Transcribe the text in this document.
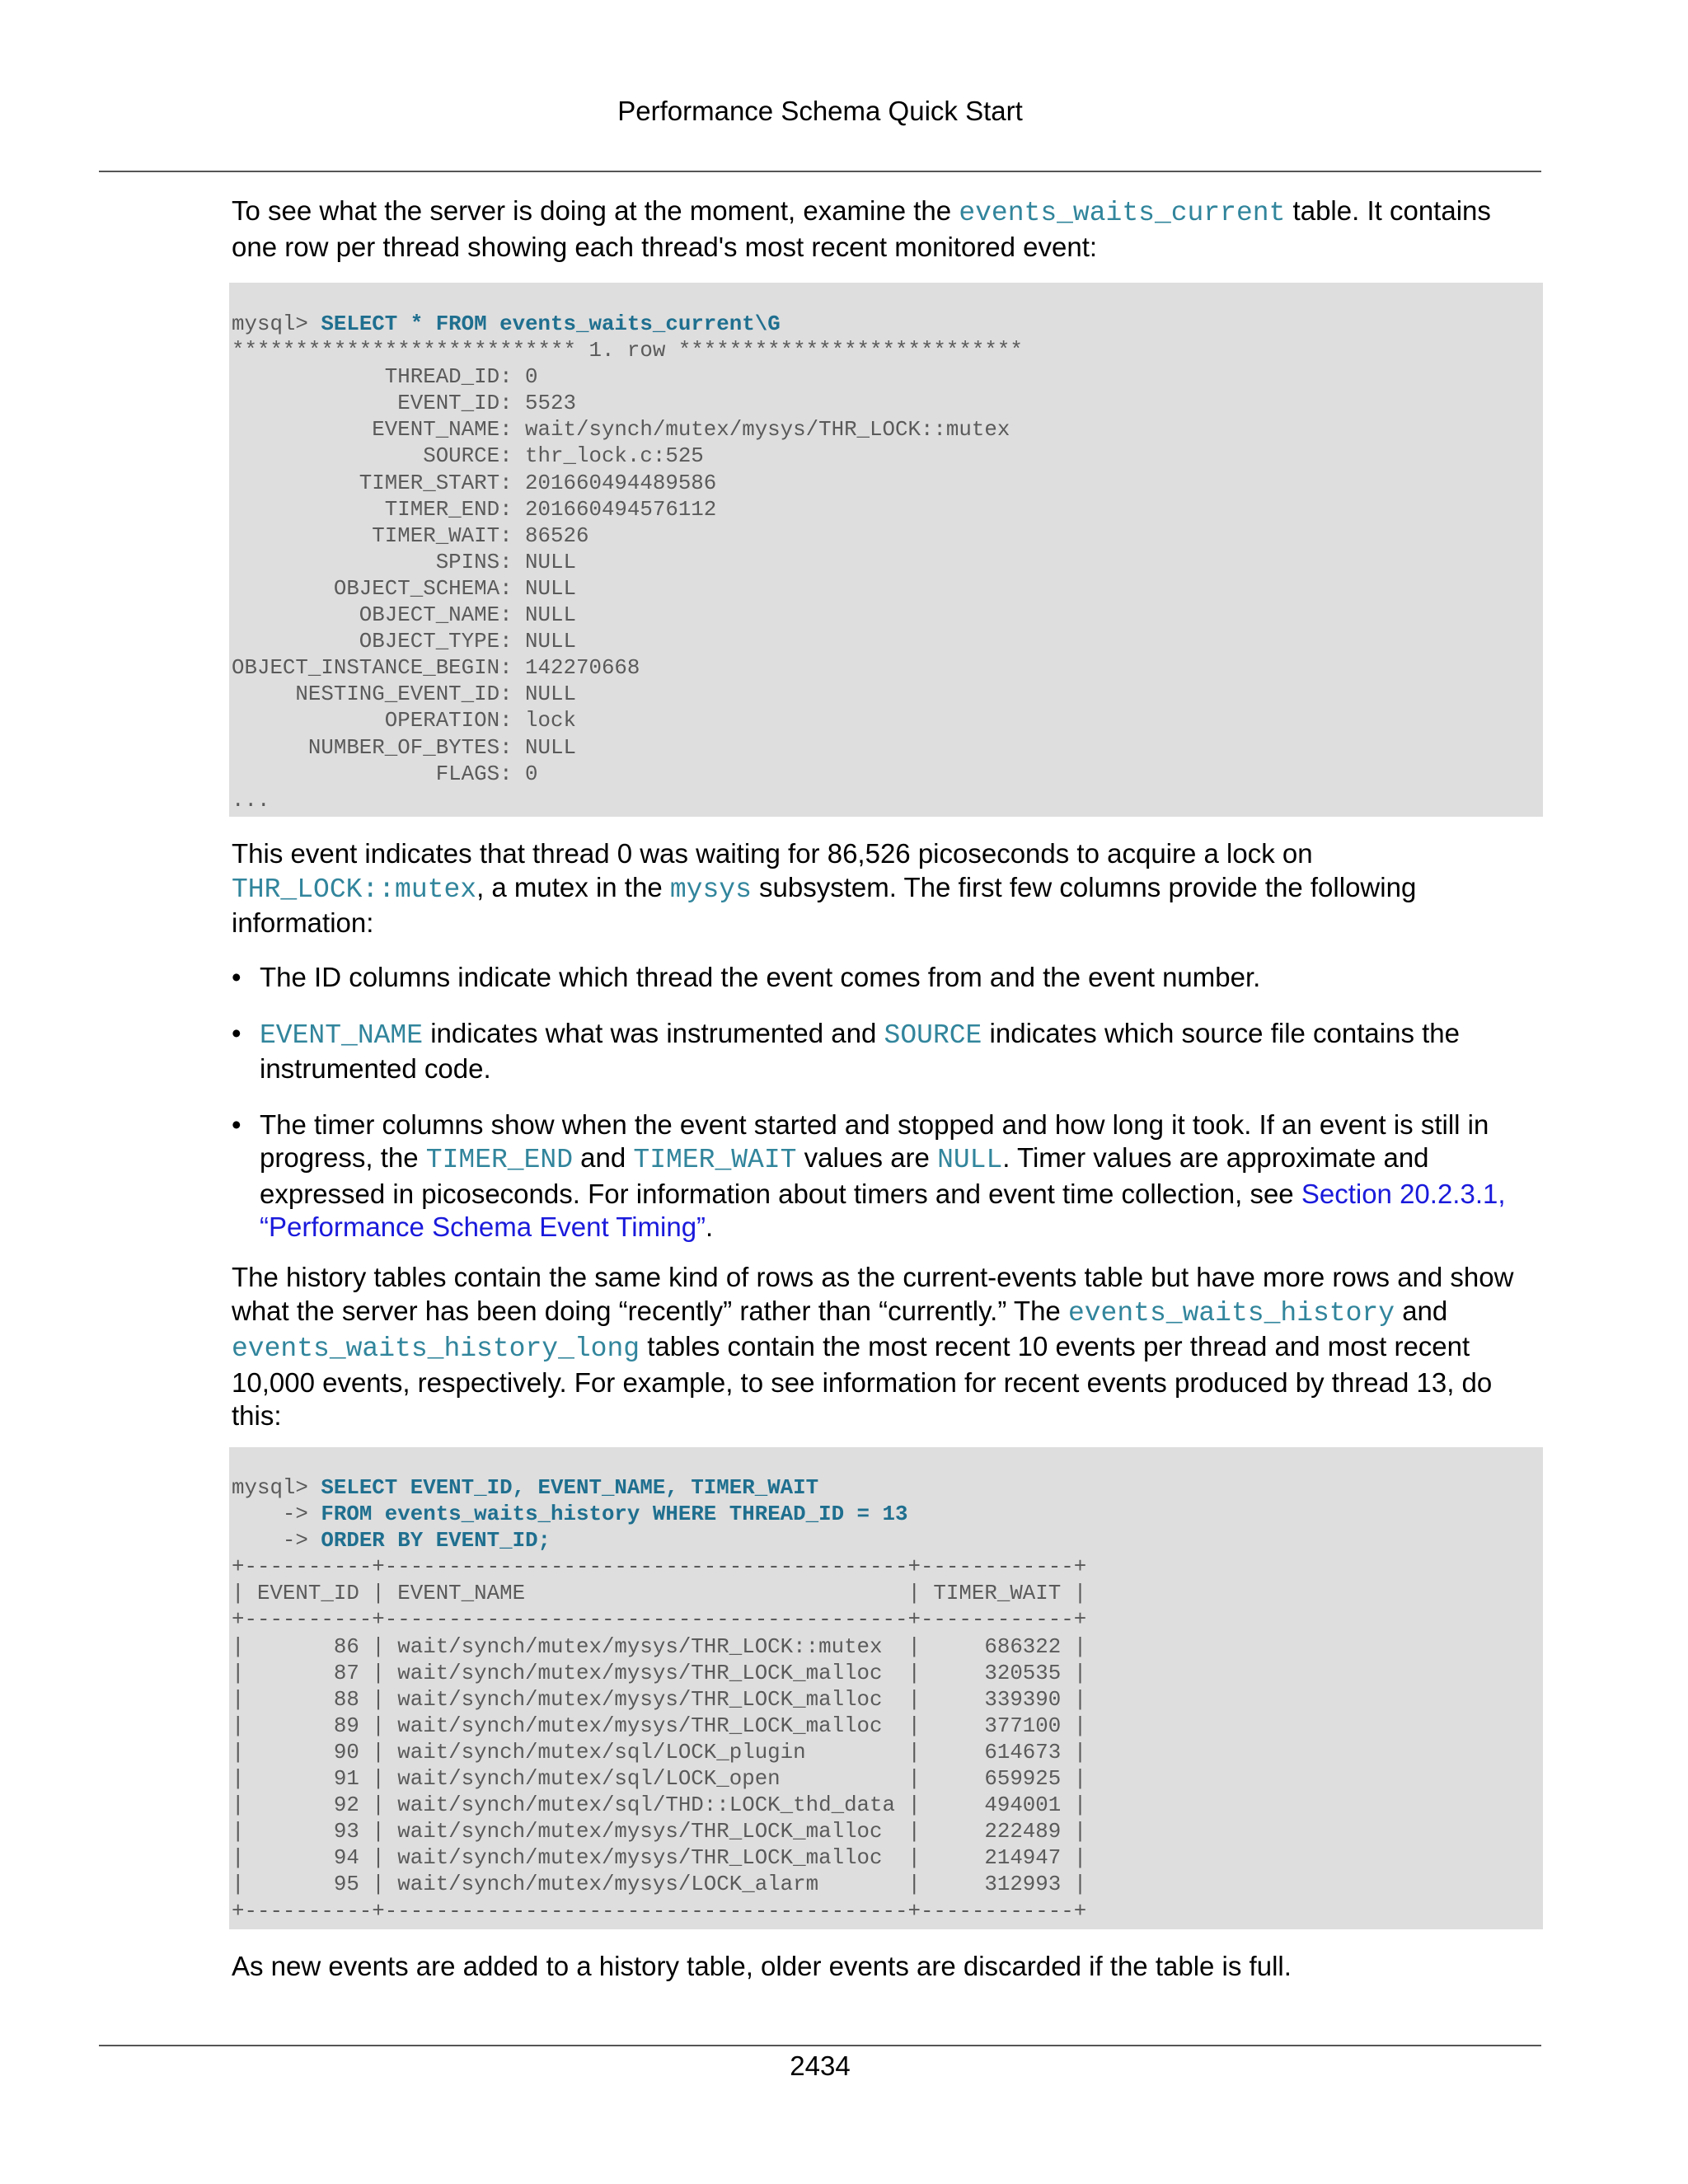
Performance Schema Quick Start

To see what the server is doing at the moment, examine the events_waits_current table. It contains one row per thread showing each thread's most recent monitored event:

mysql> SELECT * FROM events_waits_current\G
*************************** 1. row ***************************
THREAD_ID: 0
EVENT_ID: 5523
EVENT_NAME: wait/synch/mutex/mysys/THR_LOCK::mutex
SOURCE: thr_lock.c:525
TIMER_START: 201660494489586
TIMER_END: 201660494576112
TIMER_WAIT: 86526
SPINS: NULL
OBJECT_SCHEMA: NULL
OBJECT_NAME: NULL
OBJECT_TYPE: NULL
OBJECT_INSTANCE_BEGIN: 142270668
NESTING_EVENT_ID: NULL
OPERATION: lock
NUMBER_OF_BYTES: NULL
FLAGS: 0
...

This event indicates that thread 0 was waiting for 86,526 picoseconds to acquire a lock on THR_LOCK::mutex, a mutex in the mysys subsystem. The first few columns provide the following information:

• The ID columns indicate which thread the event comes from and the event number.
• EVENT_NAME indicates what was instrumented and SOURCE indicates which source file contains the instrumented code.
• The timer columns show when the event started and stopped and how long it took. If an event is still in progress, the TIMER_END and TIMER_WAIT values are NULL. Timer values are approximate and expressed in picoseconds. For information about timers and event time collection, see Section 20.2.3.1, “Performance Schema Event Timing”.

The history tables contain the same kind of rows as the current-events table but have more rows and show what the server has been doing “recently” rather than “currently.” The events_waits_history and events_waits_history_long tables contain the most recent 10 events per thread and most recent 10,000 events, respectively. For example, to see information for recent events produced by thread 13, do this:

mysql> SELECT EVENT_ID, EVENT_NAME, TIMER_WAIT
-> FROM events_waits_history WHERE THREAD_ID = 13
-> ORDER BY EVENT_ID;
+----------+-----------------------------------------+------------+
| EVENT_ID | EVENT_NAME                              | TIMER_WAIT |
+----------+-----------------------------------------+------------+
|       86 | wait/synch/mutex/mysys/THR_LOCK::mutex  |     686322 |
|       87 | wait/synch/mutex/mysys/THR_LOCK_malloc  |     320535 |
|       88 | wait/synch/mutex/mysys/THR_LOCK_malloc  |     339390 |
|       89 | wait/synch/mutex/mysys/THR_LOCK_malloc  |     377100 |
|       90 | wait/synch/mutex/sql/LOCK_plugin        |     614673 |
|       91 | wait/synch/mutex/sql/LOCK_open          |     659925 |
|       92 | wait/synch/mutex/sql/THD::LOCK_thd_data |     494001 |
|       93 | wait/synch/mutex/mysys/THR_LOCK_malloc  |     222489 |
|       94 | wait/synch/mutex/mysys/THR_LOCK_malloc  |     214947 |
|       95 | wait/synch/mutex/mysys/LOCK_alarm       |     312993 |
+----------+-----------------------------------------+------------+

As new events are added to a history table, older events are discarded if the table is full.

2434
